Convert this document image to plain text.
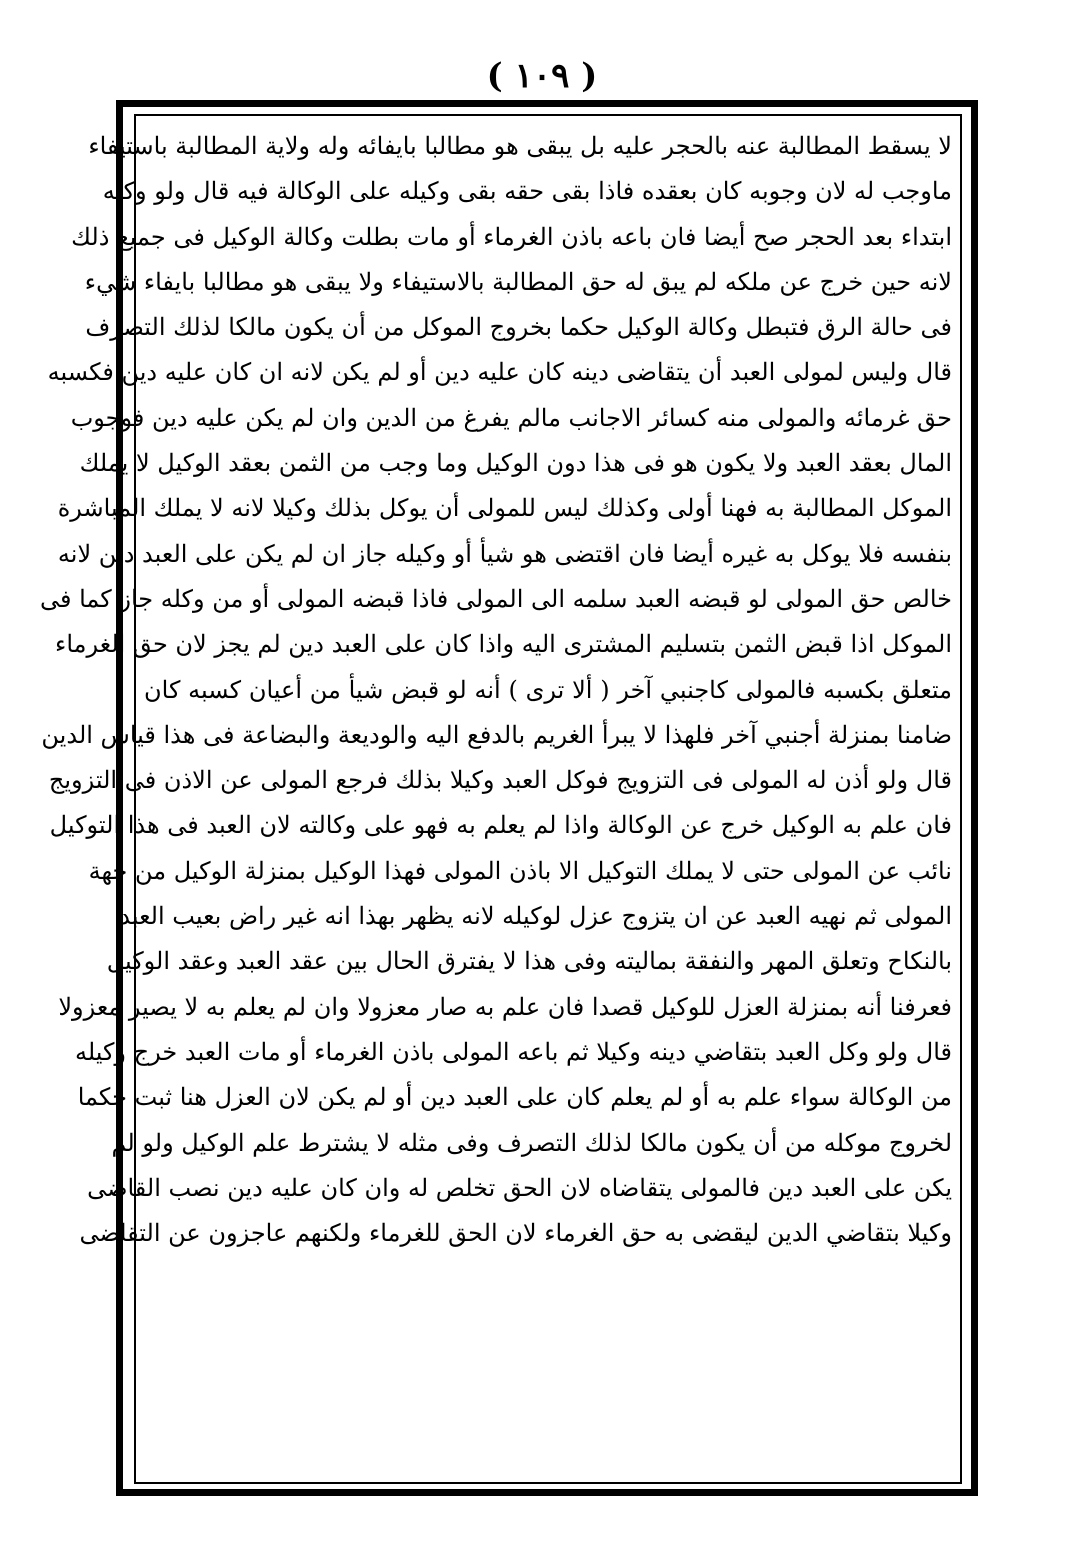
( ١٠٩ )
لا يسقط المطالبة عنه بالحجر عليه بل يبقى هو مطالبا بايفائه وله ولاية المطالبة باستيفاء
ماوجب له لان وجوبه كان بعقده فاذا بقى حقه بقى وكيله على الوكالة فيه قال ولو وكله
ابتداء بعد الحجر صح أيضا فان باعه باذن الغرماء أو مات بطلت وكالة الوكيل فى جميع ذلك
لانه حين خرج عن ملكه لم يبق له حق المطالبة بالاستيفاء ولا يبقى هو مطالبا بايفاء شيء
فى حالة الرق فتبطل وكالة الوكيل حكما بخروج الموكل من أن يكون مالكا لذلك التصرف
قال وليس لمولى العبد أن يتقاضى دينه كان عليه دين أو لم يكن لانه ان كان عليه دين فكسبه
حق غرمائه والمولى منه كسائر الاجانب مالم يفرغ من الدين وان لم يكن عليه دين فوجوب
المال بعقد العبد ولا يكون هو فى هذا دون الوكيل وما وجب من الثمن بعقد الوكيل لا يملك
الموكل المطالبة به فهنا أولى وكذلك ليس للمولى أن يوكل بذلك وكيلا لانه لا يملك المباشرة
بنفسه فلا يوكل به غيره أيضا فان اقتضى هو شيأ أو وكيله جاز ان لم يكن على العبد دين لانه
خالص حق المولى لو قبضه العبد سلمه الى المولى فاذا قبضه المولى أو من وكله جاز كما فى
الموكل اذا قبض الثمن بتسليم المشترى اليه واذا كان على العبد دين لم يجز لان حق الغرماء
متعلق بكسبه فالمولى كاجنبي آخر ( ألا ترى ) أنه لو قبض شيأ من أعيان كسبه كان
ضامنا بمنزلة أجنبي آخر فلهذا لا يبرأ الغريم بالدفع اليه والوديعة والبضاعة فى هذا قياس الدين
قال ولو أذن له المولى فى التزويج فوكل العبد وكيلا بذلك فرجع المولى عن الاذن فى التزويج
فان علم به الوكيل خرج عن الوكالة واذا لم يعلم به فهو على وكالته لان العبد فى هذا التوكيل
نائب عن المولى حتى لا يملك التوكيل الا باذن المولى فهذا الوكيل بمنزلة الوكيل من جهة
المولى ثم نهيه العبد عن ان يتزوج عزل لوكيله لانه يظهر بهذا انه غير راض بعيب العبد
بالنكاح وتعلق المهر والنفقة بماليته وفى هذا لا يفترق الحال بين عقد العبد وعقد الوكيل
فعرفنا أنه بمنزلة العزل للوكيل قصدا فان علم به صار معزولا وان لم يعلم به لا يصير معزولا
قال ولو وكل العبد بتقاضي دينه وكيلا ثم باعه المولى باذن الغرماء أو مات العبد خرج وكيله
من الوكالة سواء علم به أو لم يعلم كان على العبد دين أو لم يكن لان العزل هنا ثبت حكما
لخروج موكله من أن يكون مالكا لذلك التصرف وفى مثله لا يشترط علم الوكيل ولو لم
يكن على العبد دين فالمولى يتقاضاه لان الحق تخلص له وان كان عليه دين نصب القاضى
وكيلا بتقاضي الدين ليقضى به حق الغرماء لان الحق للغرماء ولكنهم عاجزون عن التقاضى
